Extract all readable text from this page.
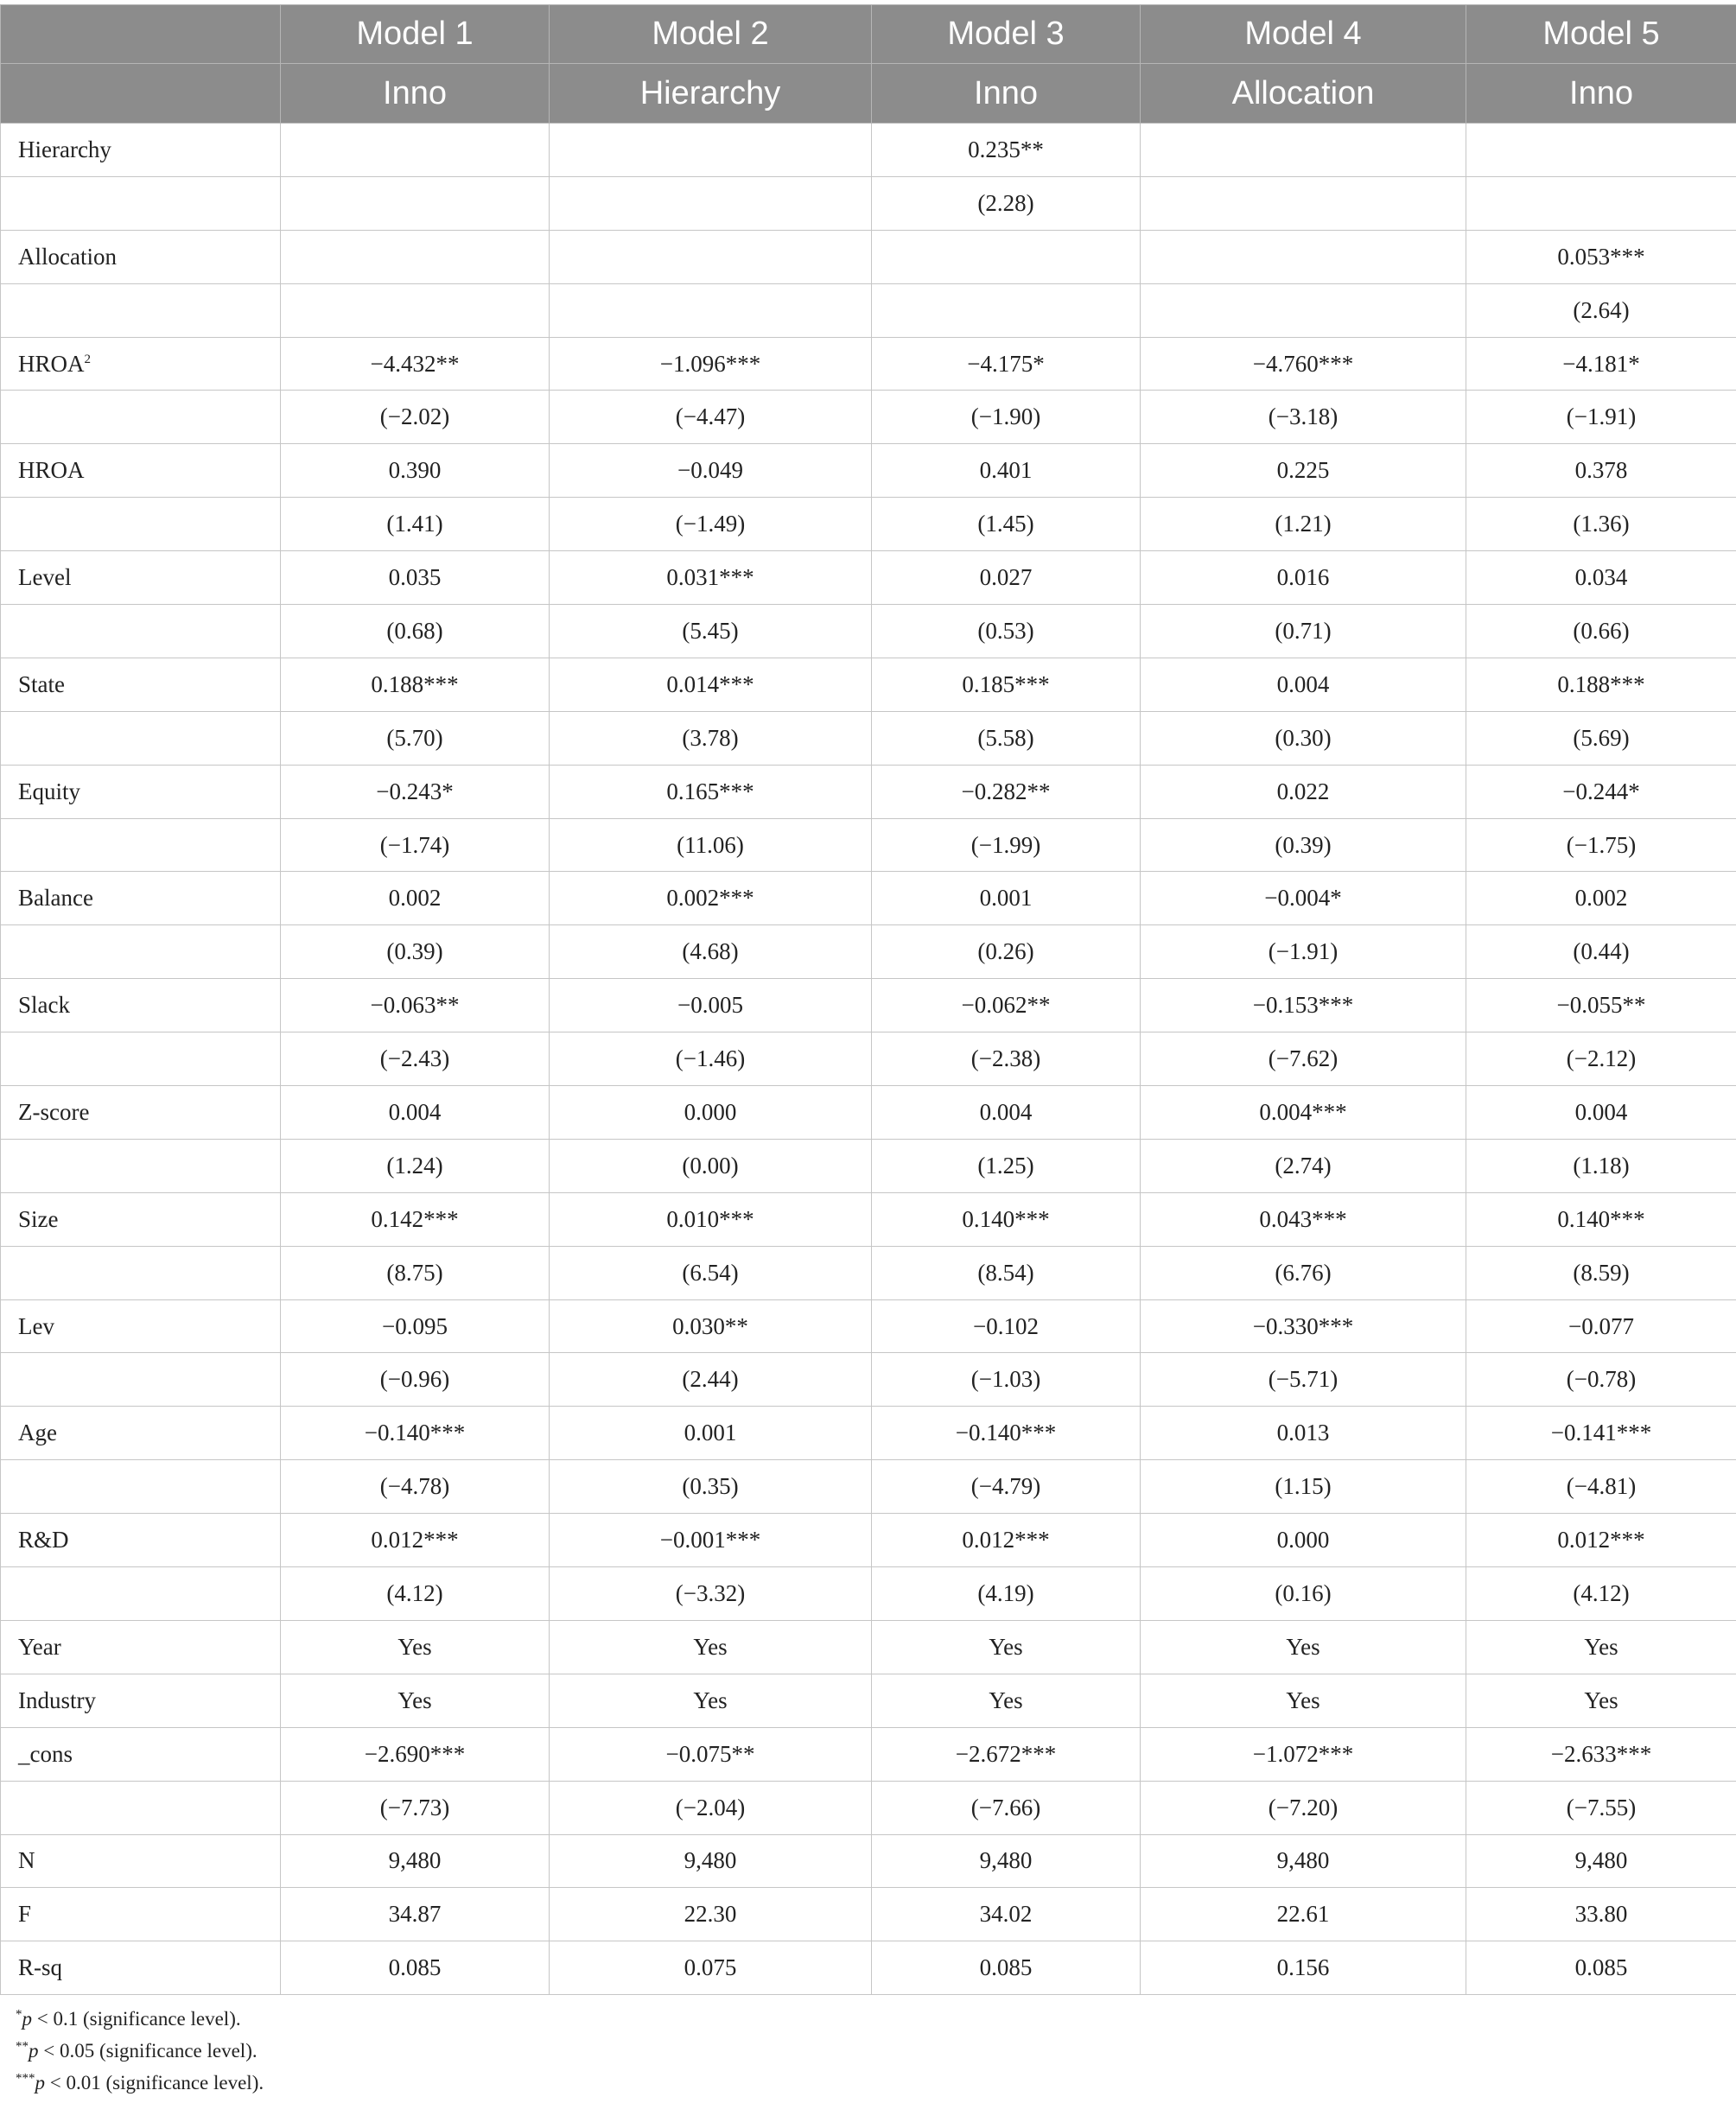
	Model 1	Model 2	Model 3	Model 4	Model 5
	Inno	Hierarchy	Inno	Allocation	Inno
Hierarchy			0.235**		
			(2.28)		
Allocation					0.053***
					(2.64)
$HROA^2$	−4.432**	−1.096***	−4.175*	−4.760***	−4.181*
	(−2.02)	(−4.47)	(−1.90)	(−3.18)	(−1.91)
HROA	0.390	−0.049	0.401	0.225	0.378
	(1.41)	(−1.49)	(1.45)	(1.21)	(1.36)
Level	0.035	0.031***	0.027	0.016	0.034
	(0.68)	(5.45)	(0.53)	(0.71)	(0.66)
State	0.188***	0.014***	0.185***	0.004	0.188***
	(5.70)	(3.78)	(5.58)	(0.30)	(5.69)
Equity	−0.243*	0.165***	−0.282**	0.022	−0.244*
	(−1.74)	(11.06)	(−1.99)	(0.39)	(−1.75)
Balance	0.002	0.002***	0.001	−0.004*	0.002
	(0.39)	(4.68)	(0.26)	(−1.91)	(0.44)
Slack	−0.063**	−0.005	−0.062**	−0.153***	−0.055**
	(−2.43)	(−1.46)	(−2.38)	(−7.62)	(−2.12)
Z-score	0.004	0.000	0.004	0.004***	0.004
	(1.24)	(0.00)	(1.25)	(2.74)	(1.18)
Size	0.142***	0.010***	0.140***	0.043***	0.140***
	(8.75)	(6.54)	(8.54)	(6.76)	(8.59)
Lev	−0.095	0.030**	−0.102	−0.330***	−0.077
	(−0.96)	(2.44)	(−1.03)	(−5.71)	(−0.78)
Age	−0.140***	0.001	−0.140***	0.013	−0.141***
	(−4.78)	(0.35)	(−4.79)	(1.15)	(−4.81)
R&D	0.012***	−0.001***	0.012***	0.000	0.012***
	(4.12)	(−3.32)	(4.19)	(0.16)	(4.12)
Year	Yes	Yes	Yes	Yes	Yes
Industry	Yes	Yes	Yes	Yes	Yes
_cons	−2.690***	−0.075**	−2.672***	−1.072***	−2.633***
	(−7.73)	(−2.04)	(−7.66)	(−7.20)	(−7.55)
N	9,480	9,480	9,480	9,480	9,480
F	34.87	22.30	34.02	22.61	33.80
R-sq	0.085	0.075	0.085	0.156	0.085
*p < 0.1 (significance level).
**p < 0.05 (significance level).
***p < 0.01 (significance level).
